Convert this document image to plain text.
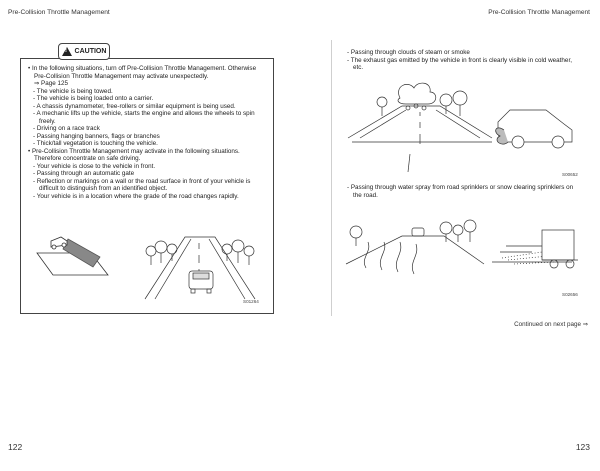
Pre-Collision Throttle Management	Pre-Collision Throttle Management

• In the following situations, turn off Pre-Collision Throttle Management. Otherwise Pre-Collision Throttle Management may activate unexpectedly.

⇒ Page 125

- The vehicle is being towed.

- The vehicle is being loaded onto a carrier.

- A chassis dynamometer, free-rollers or similar equipment is being used.

- A mechanic lifts up the vehicle, starts the engine and allows the wheels to spin freely.

- Driving on a race track

- Passing hanging banners, flags or branches

- Thick/tall vegetation is touching the vehicle.

• Pre-Collision Throttle Management may activate in the following situations. Therefore concentrate on safe driving.

- Your vehicle is close to the vehicle in front.

- Passing through an automatic gate

- Reflection or markings on a wall or the road surface in front of your vehicle is difficult to distinguish from an identified object.

- Your vehicle is in a location where the grade of the road changes rapidly.

S01264
!
CAUTION	- Passing through clouds of steam or smoke

- The exhaust gas emitted by the vehicle in front is clearly visible in cold weather, etc.

S00652

- Passing through water spray from road sprinklers or snow clearing sprinklers on the road.

S02656
Continued on next page ⇒
122	123
